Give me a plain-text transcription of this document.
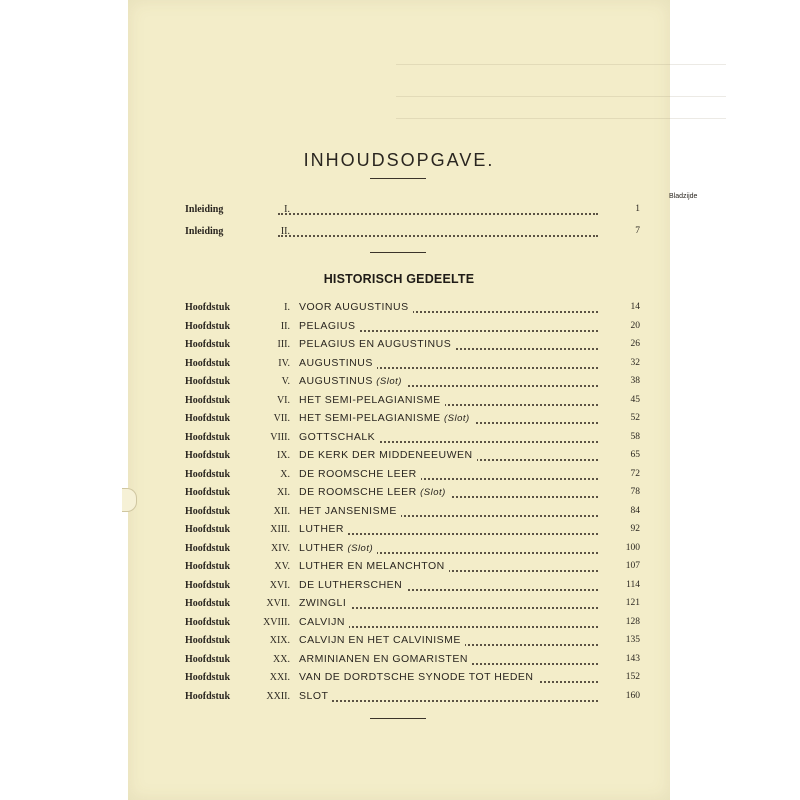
INHOUDSOPGAVE.
Bladzijde
Inleiding	I.	1
Inleiding	II.	7
HISTORISCH GEDEELTE
Hoofdstuk	I. VOOR AUGUSTINUS	14
Hoofdstuk	II. PELAGIUS	20
Hoofdstuk	III. PELAGIUS EN AUGUSTINUS	26
Hoofdstuk	IV. AUGUSTINUS	32
Hoofdstuk	V. AUGUSTINUS (Slot)	38
Hoofdstuk	VI. HET SEMI-PELAGIANISME	45
Hoofdstuk	VII. HET SEMI-PELAGIANISME (Slot)	52
Hoofdstuk	VIII. GOTTSCHALK	58
Hoofdstuk	IX. DE KERK DER MIDDENEEUWEN	65
Hoofdstuk	X. DE ROOMSCHE LEER	72
Hoofdstuk	XI. DE ROOMSCHE LEER (Slot)	78
Hoofdstuk	XII. HET JANSENISME	84
Hoofdstuk	XIII. LUTHER	92
Hoofdstuk	XIV. LUTHER (Slot)	100
Hoofdstuk	XV. LUTHER EN MELANCHTON	107
Hoofdstuk	XVI. DE LUTHERSCHEN	114
Hoofdstuk	XVII. ZWINGLI	121
Hoofdstuk	XVIII. CALVIJN	128
Hoofdstuk	XIX. CALVIJN EN HET CALVINISME	135
Hoofdstuk	XX. ARMINIANEN EN GOMARISTEN	143
Hoofdstuk	XXI. VAN DE DORDTSCHE SYNODE TOT HEDEN	152
Hoofdstuk	XXII. SLOT	160
